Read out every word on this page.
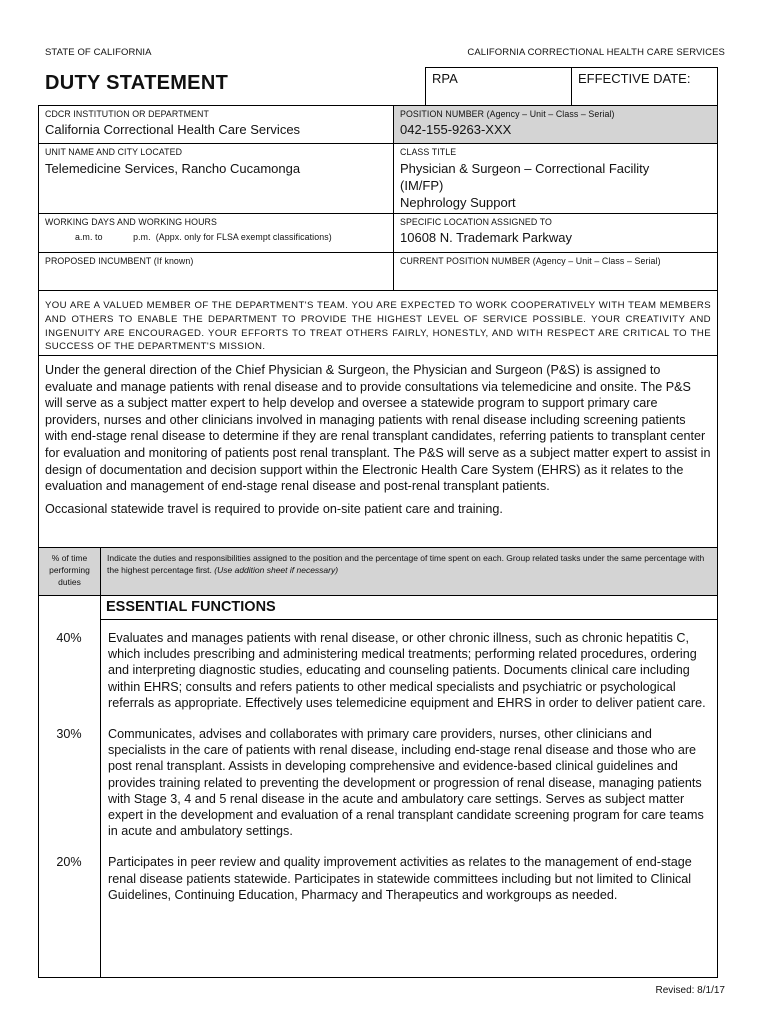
STATE OF CALIFORNIA	CALIFORNIA CORRECTIONAL HEALTH CARE SERVICES
DUTY STATEMENT	RPA	EFFECTIVE DATE:
CDCR INSTITUTION OR DEPARTMENT
California Correctional Health Care Services
POSITION NUMBER (Agency – Unit – Class – Serial)
042-155-9263-XXX
UNIT NAME AND CITY LOCATED
Telemedicine Services, Rancho Cucamonga
CLASS TITLE
Physician & Surgeon – Correctional Facility
(IM/FP)
Nephrology Support
WORKING DAYS AND WORKING HOURS
a.m. to            p.m.  (Appx. only for FLSA exempt classifications)
SPECIFIC LOCATION ASSIGNED TO
10608 N. Trademark Parkway
PROPOSED INCUMBENT (If known)	CURRENT POSITION NUMBER (Agency – Unit – Class – Serial)
YOU ARE A VALUED MEMBER OF THE DEPARTMENT'S TEAM. YOU ARE EXPECTED TO WORK COOPERATIVELY WITH TEAM MEMBERS AND OTHERS TO ENABLE THE DEPARTMENT TO PROVIDE THE HIGHEST LEVEL OF SERVICE POSSIBLE. YOUR CREATIVITY AND INGENUITY ARE ENCOURAGED. YOUR EFFORTS TO TREAT OTHERS FAIRLY, HONESTLY, AND WITH RESPECT ARE CRITICAL TO THE SUCCESS OF THE DEPARTMENT'S MISSION.

Under the general direction of the Chief Physician & Surgeon, the Physician and Surgeon (P&S) is assigned to evaluate and manage patients with renal disease and to provide consultations via telemedicine and onsite. The P&S will serve as a subject matter expert to help develop and oversee a statewide program to support primary care providers, nurses and other clinicians involved in managing patients with renal disease including screening patients with end-stage renal disease to determine if they are renal transplant candidates, referring patients to transplant center for evaluation and monitoring of patients post renal transplant. The P&S will serve as a subject matter expert to assist in design of documentation and decision support within the Electronic Health Care System (EHRS) as it relates to the evaluation and management of end-stage renal disease and post-renal transplant patients.

Occasional statewide travel is required to provide on-site patient care and training.

% of time performing duties
Indicate the duties and responsibilities assigned to the position and the percentage of time spent on each. Group related tasks under the same percentage with the highest percentage first. (Use addition sheet if necessary)
ESSENTIAL FUNCTIONS
40%	Evaluates and manages patients with renal disease, or other chronic illness, such as chronic hepatitis C, which includes prescribing and administering medical treatments; performing related procedures, ordering and interpreting diagnostic studies, educating and counseling patients. Documents clinical care including within EHRS; consults and refers patients to other medical specialists and psychiatric or psychological referrals as appropriate. Effectively uses telemedicine equipment and EHRS in order to deliver patient care.
30%	Communicates, advises and collaborates with primary care providers, nurses, other clinicians and specialists in the care of patients with renal disease, including end-stage renal disease and those who are post renal transplant. Assists in developing comprehensive and evidence-based clinical guidelines and provides training related to preventing the development or progression of renal disease, managing patients with Stage 3, 4 and 5 renal disease in the acute and ambulatory care settings. Serves as subject matter expert in the development and evaluation of a renal transplant candidate screening program for care teams in acute and ambulatory settings.
20%	Participates in peer review and quality improvement activities as relates to the management of end-stage renal disease patients statewide. Participates in statewide committees including but not limited to Clinical Guidelines, Continuing Education, Pharmacy and Therapeutics and workgroups as needed.
Revised: 8/1/17
